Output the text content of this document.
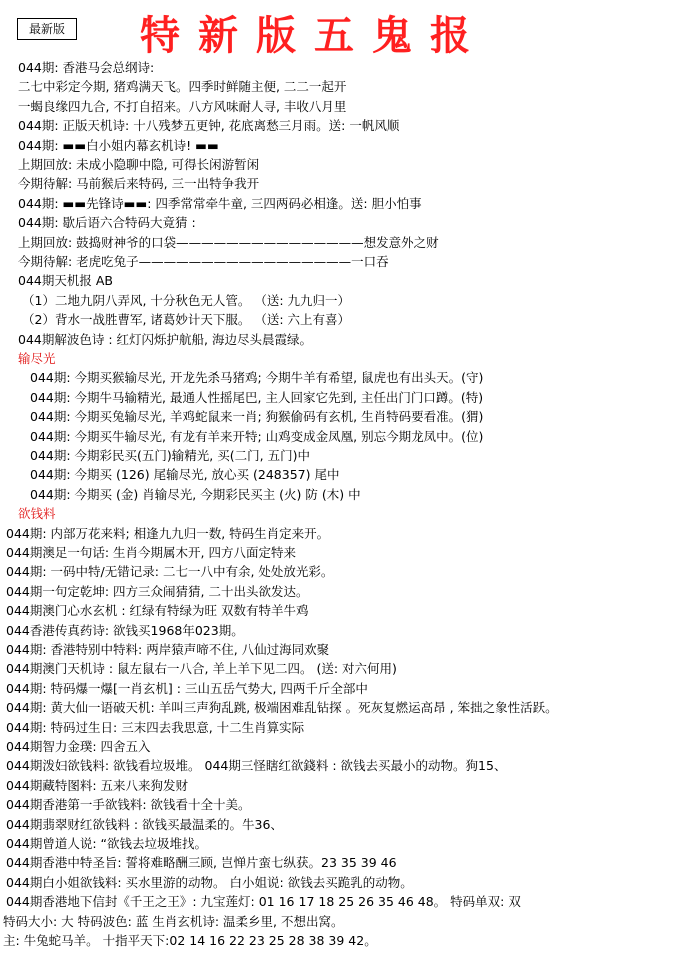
最新版	特新版五鬼报
044期: 香港马会总纲诗:
二七中彩定今期, 猪鸡满天飞。四季时鲜随主便, 二二一起开
一蝎良缘四九合, 不打自招来。八方风味耐人寻, 丰收八月里
044期: 正版天机诗: 十八残梦五更钟, 花底离愁三月雨。送: 一帆风顺
044期: ▬▬白小姐内幕玄机诗! ▬▬
上期回放: 未成小隐聊中隐, 可得长闲游暂闲
今期待解: 马前猴后来特码, 三一出特争我开
044期: ▬▬先锋诗▬▬: 四季常常牵牛童, 三四两码必相逢。送: 胆小怕事
044期: 歇后语六合特码大竟猜 :
上期回放: 鼓捣财神爷的口袋———————————————想发意外之财
今期待解: 老虎吃兔子—————————————————一口吞
044期天机报 AB
（1）二地九阴八弄风, 十分秋色无人管。 （送: 九九归一）
（2）背水一战胜曹军, 诸葛妙计天下服。 （送: 六上有喜）
044期解波色诗 : 红灯闪烁护航船, 海边尽头晨霞绿。
输尽光
044期: 今期买猴输尽光, 开龙先杀马猪鸡; 今期牛羊有希望, 鼠虎也有出头天。(守)
044期: 今期牛马输精光, 最通人性摇尾巴, 主人回家它先到, 主任出门门口蹲。(特)
044期: 今期买兔输尽光, 羊鸡蛇鼠来一肖; 狗猴偷码有玄机, 生肖特码要看准。(猬)
044期: 今期买牛输尽光, 有龙有羊来开特; 山鸡变成金凤凰, 别忘今期龙凤中。(位)
044期: 今期彩民买(五门)输精光, 买(二门, 五门)中
044期: 今期买 (126) 尾输尽光, 放心买 (248357) 尾中
044期: 今期买 (金) 肖输尽光, 今期彩民买主 (火) 防 (木) 中
欲钱料
044期: 内部万花来料; 相逢九九归一数, 特码生肖定来开。
044期澳足一句话: 生肖今期属木开, 四方八面定特来
044期: 一码中特/无错记录: 二七一八中有余, 处处放光彩。
044期一句定乾坤: 四方三众闹猜猜, 二十出头欲发达。
044期澳门心水玄机 : 红绿有特绿为旺 双数有特羊牛鸡
044香港传真药诗: 欲钱买1968年023期。
044期: 香港特别中特料: 两岸猿声啼不住, 八仙过海同欢聚
044期澳门天机诗 : 鼠左鼠右一八合, 羊上羊下见二四。 (送: 对六何用)
044期: 特码爆一爆[一肖玄机] : 三山五岳气势大, 四两千斤全部中
044期: 黄大仙一语破天机: 羊叫三声狗乱跳, 极端困难乱钻探 。死灰复燃运高昂 , 笨拙之象性活跃。
044期: 特码过生日: 三末四去我思意, 十二生肖算实际
044期智力金璞: 四舍五入
044期泼妇欲钱料: 欲钱看垃圾堆。 044期三怪瞎红欲錢料 : 欲钱去买最小的动物。狗15、
044期藏特图料: 五来八来狗发财
044期香港第一手欲钱料: 欲钱看十全十美。
044期翡翠财红欲钱料 : 欲钱买最温柔的。牛36、
044期曾道人说: “欲钱去垃圾堆找。
044期香港中特圣旨: 誓将难略酬三顾, 岂惮片蛮七纵获。23 35 39 46
044期白小姐欲钱料: 买水里游的动物。 白小姐说: 欲钱去买跪乳的动物。
044期香港地下信封《千王之王》: 九宝莲灯: 01 16 17 18 25 26 35 46 48。 特码单双: 双
特码大小: 大 特码波色: 蓝 生肖玄机诗: 温柔乡里, 不想出窝。
主: 牛兔蛇马羊。 十指平天下:02 14 16 22 23 25 28 38 39 42。
